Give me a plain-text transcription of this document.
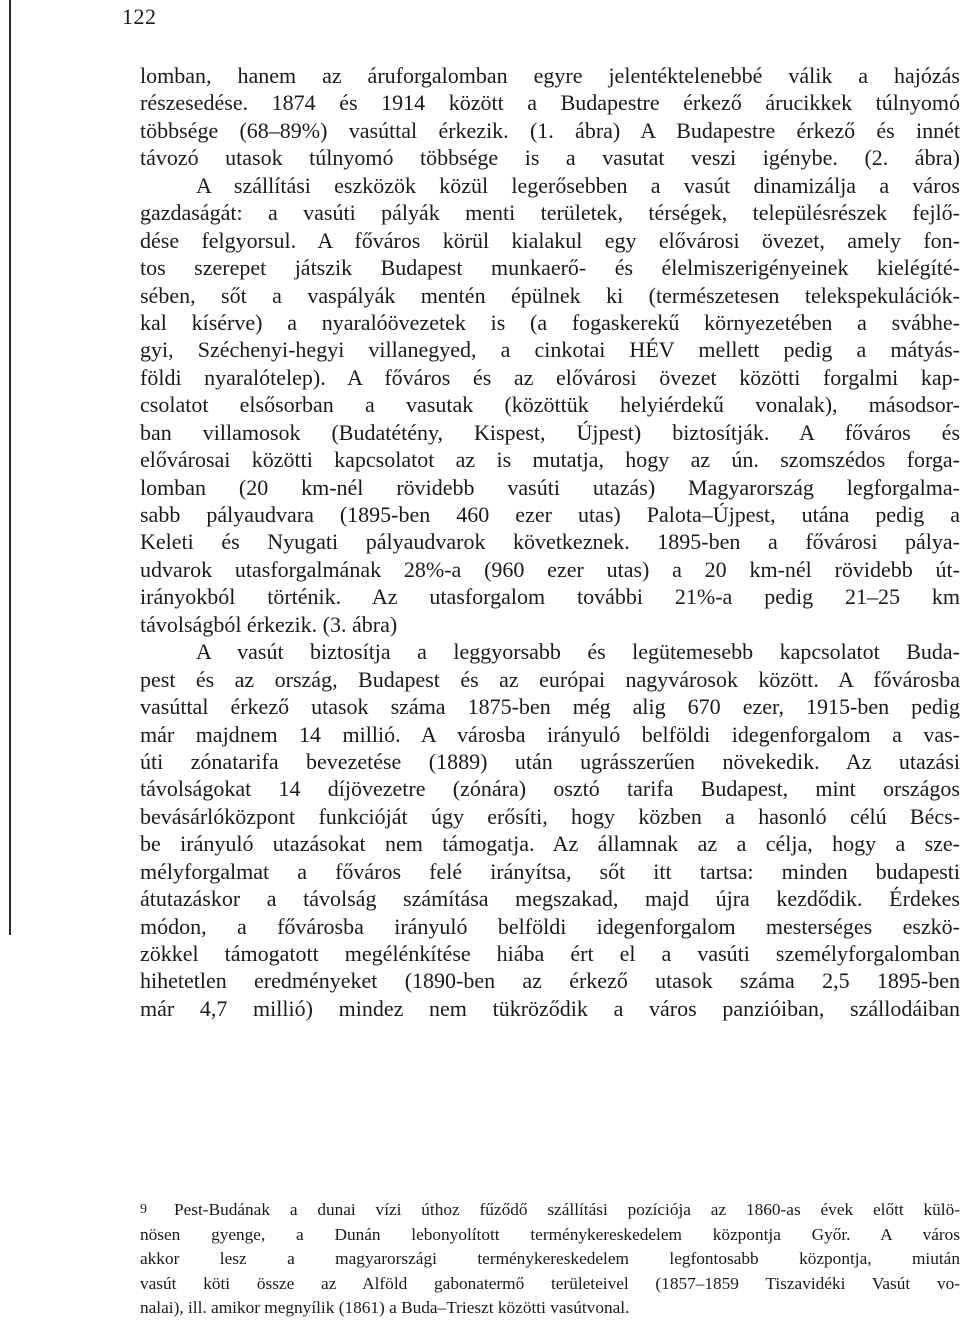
122
lomban, hanem az áruforgalomban egyre jelentéktelenebbé válik a hajózás
részesedése. 1874 és 1914 között a Budapestre érkező árucikkek túlnyomó
többsége (68–89%) vasúttal érkezik. (1. ábra) A Budapestre érkező és innét
távozó utasok túlnyomó többsége is a vasutat veszi igénybe. (2. ábra)
A szállítási eszközök közül legerősebben a vasút dinamizálja a város
gazdaságát: a vasúti pályák menti területek, térségek, településrészek fejlő-
dése felgyorsul. A főváros körül kialakul egy elővárosi övezet, amely fon-
tos szerepet játszik Budapest munkaerő- és élelmiszerigényeinek kielégíté-
sében, sőt a vaspályák mentén épülnek ki (természetesen telekspekulációk-
kal kísérve) a nyaralóövezetek is (a fogaskerekű környezetében a svábhe-
gyi, Széchenyi-hegyi villanegyed, a cinkotai HÉV mellett pedig a mátyás-
földi nyaralótelep). A főváros és az elővárosi övezet közötti forgalmi kap-
csolatot elsősorban a vasutak (közöttük helyiérdekű vonalak), másodsor-
ban villamosok (Budatétény, Kispest, Újpest) biztosítják. A főváros és
elővárosai közötti kapcsolatot az is mutatja, hogy az ún. szomszédos forga-
lomban (20 km-nél rövidebb vasúti utazás) Magyarország legforgalma-
sabb pályaudvara (1895-ben 460 ezer utas) Palota–Újpest, utána pedig a
Keleti és Nyugati pályaudvarok következnek. 1895-ben a fővárosi pálya-
udvarok utasforgalmának 28%-a (960 ezer utas) a 20 km-nél rövidebb út-
irányokból történik. Az utasforgalom további 21%-a pedig 21–25 km
távolságból érkezik. (3. ábra)
A vasút biztosítja a leggyorsabb és legütemesebb kapcsolatot Buda-
pest és az ország, Budapest és az európai nagyvárosok között. A fővárosba
vasúttal érkező utasok száma 1875-ben még alig 670 ezer, 1915-ben pedig
már majdnem 14 millió. A városba irányuló belföldi idegenforgalom a vas-
úti zónatarifa bevezetése (1889) után ugrásszerűen növekedik. Az utazási
távolságokat 14 díjövezetre (zónára) osztó tarifa Budapest, mint országos
bevásárlóközpont funkcióját úgy erősíti, hogy közben a hasonló célú Bécs-
be irányuló utazásokat nem támogatja. Az államnak az a célja, hogy a sze-
mélyforgalmat a főváros felé irányítsa, sőt itt tartsa: minden budapesti
átutazáskor a távolság számítása megszakad, majd újra kezdődik. Érdekes
módon, a fővárosba irányuló belföldi idegenforgalom mesterséges eszkö-
zökkel támogatott megélénkítése hiába ért el a vasúti személyforgalomban
hihetetlen eredményeket (1890-ben az érkező utasok száma 2,5 1895-ben
már 4,7 millió) mindez nem tükröződik a város panzióiban, szállodáiban
9	Pest-Budának a dunai vízi úthoz fűződő szállítási pozíciója az 1860-as évek előtt külö-
nösen gyenge, a Dunán lebonyolított terménykereskedelem központja Győr. A város
akkor lesz a magyarországi terménykereskedelem legfontosabb központja, miután
vasút köti össze az Alföld gabonatermő területeivel (1857–1859 Tiszavidéki Vasút vo-
nalai), ill. amikor megnyílik (1861) a Buda–Trieszt közötti vasútvonal.
